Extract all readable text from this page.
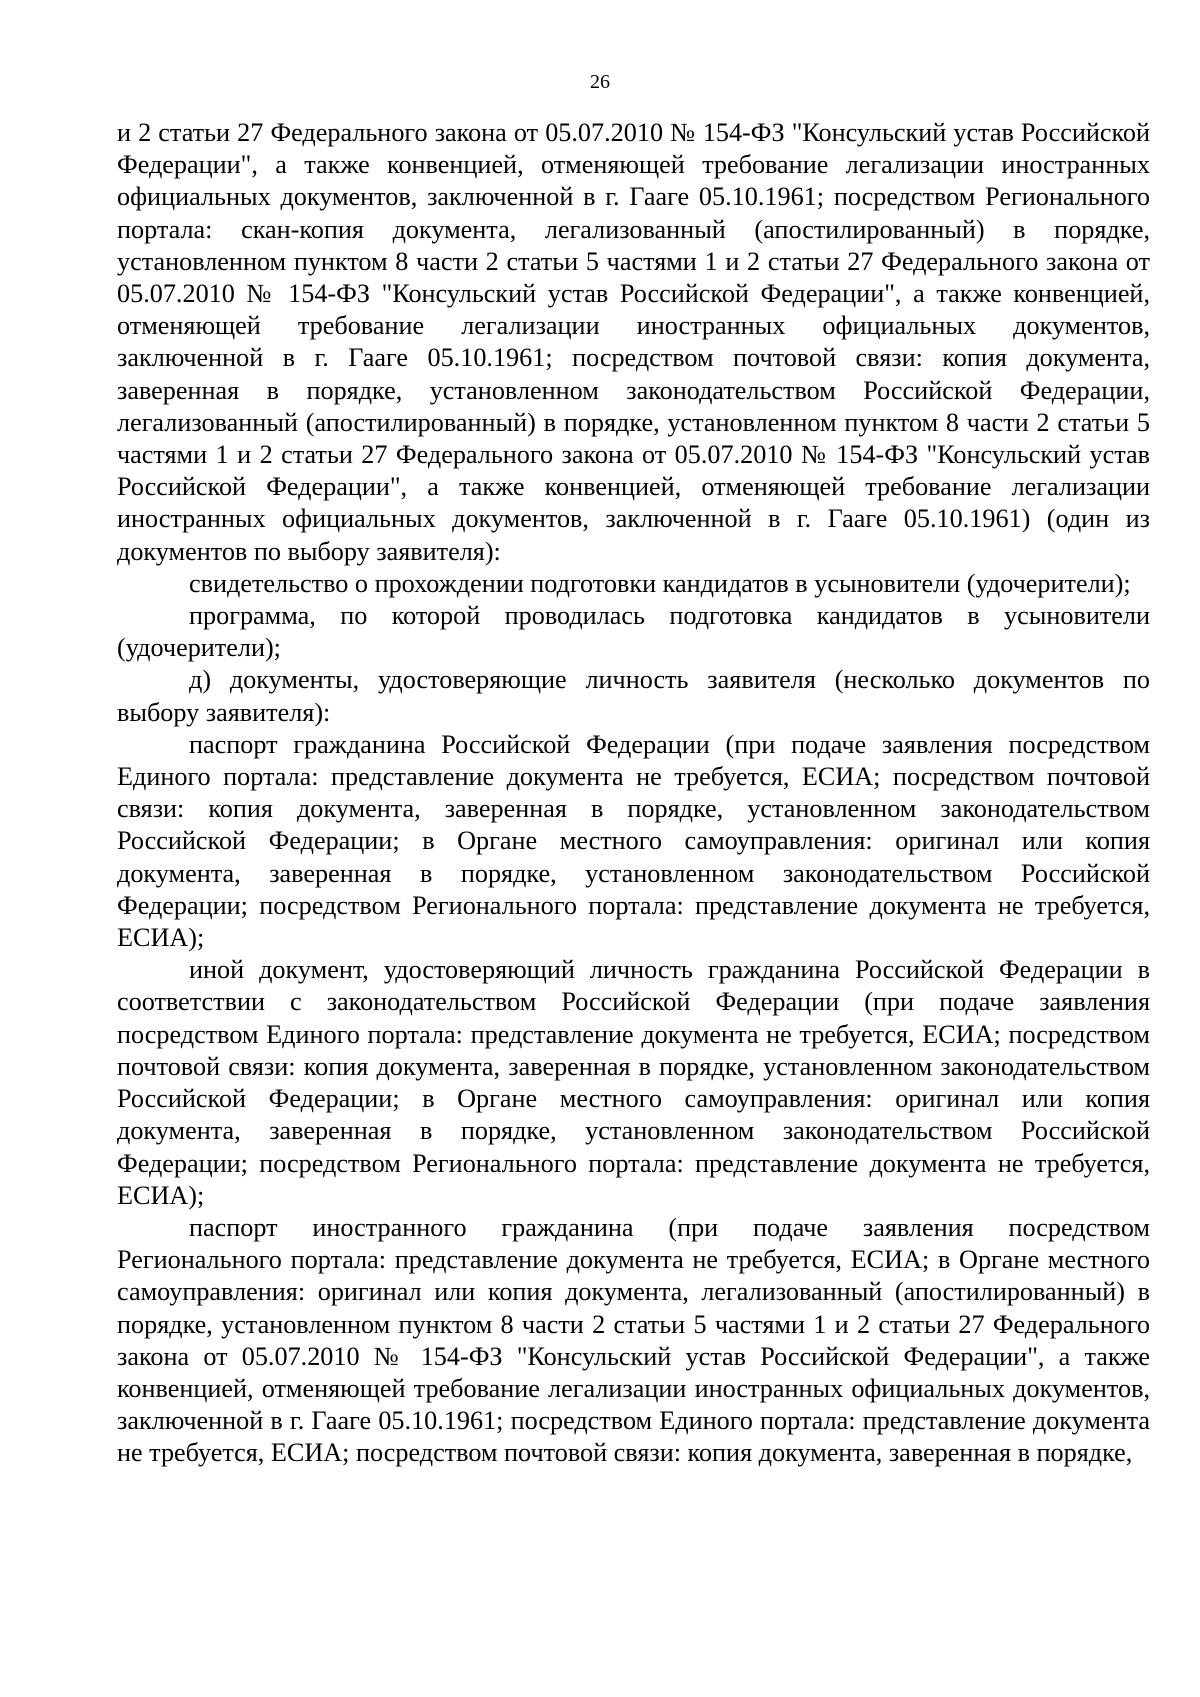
26

и 2 статьи 27 Федерального закона от 05.07.2010 № 154-ФЗ "Консульский устав Российской Федерации", а также конвенцией, отменяющей требование легализации иностранных официальных документов, заключенной в г. Гааге 05.10.1961; посредством Регионального портала: скан-копия документа, легализованный (апостилированный) в порядке, установленном пунктом 8 части 2 статьи 5 частями 1 и 2 статьи 27 Федерального закона от 05.07.2010 № 154-ФЗ "Консульский устав Российской Федерации", а также конвенцией, отменяющей требование легализации иностранных официальных документов, заключенной в г. Гааге 05.10.1961; посредством почтовой связи: копия документа, заверенная в порядке, установленном законодательством Российской Федерации, легализованный (апостилированный) в порядке, установленном пунктом 8 части 2 статьи 5 частями 1 и 2 статьи 27 Федерального закона от 05.07.2010 № 154-ФЗ "Консульский устав Российской Федерации", а также конвенцией, отменяющей требование легализации иностранных официальных документов, заключенной в г. Гааге 05.10.1961) (один из документов по выбору заявителя):

свидетельство о прохождении подготовки кандидатов в усыновители (удочерители);

программа, по которой проводилась подготовка кандидатов в усыновители (удочерители);

д) документы, удостоверяющие личность заявителя (несколько документов по выбору заявителя):

паспорт гражданина Российской Федерации (при подаче заявления посредством Единого портала: представление документа не требуется, ЕСИА; посредством почтовой связи: копия документа, заверенная в порядке, установленном законодательством Российской Федерации; в Органе местного самоуправления: оригинал или копия документа, заверенная в порядке, установленном законодательством Российской Федерации; посредством Регионального портала: представление документа не требуется, ЕСИА);

иной документ, удостоверяющий личность гражданина Российской Федерации в соответствии с законодательством Российской Федерации (при подаче заявления посредством Единого портала: представление документа не требуется, ЕСИА; посредством почтовой связи: копия документа, заверенная в порядке, установленном законодательством Российской Федерации; в Органе местного самоуправления: оригинал или копия документа, заверенная в порядке, установленном законодательством Российской Федерации; посредством Регионального портала: представление документа не требуется, ЕСИА);

паспорт иностранного гражданина (при подаче заявления посредством Регионального портала: представление документа не требуется, ЕСИА; в Органе местного самоуправления: оригинал или копия документа, легализованный (апостилированный) в порядке, установленном пунктом 8 части 2 статьи 5 частями 1 и 2 статьи 27 Федерального закона от 05.07.2010 № 154-ФЗ "Консульский устав Российской Федерации", а также конвенцией, отменяющей требование легализации иностранных официальных документов, заключенной в г. Гааге 05.10.1961; посредством Единого портала: представление документа не требуется, ЕСИА; посредством почтовой связи: копия документа, заверенная в порядке,
